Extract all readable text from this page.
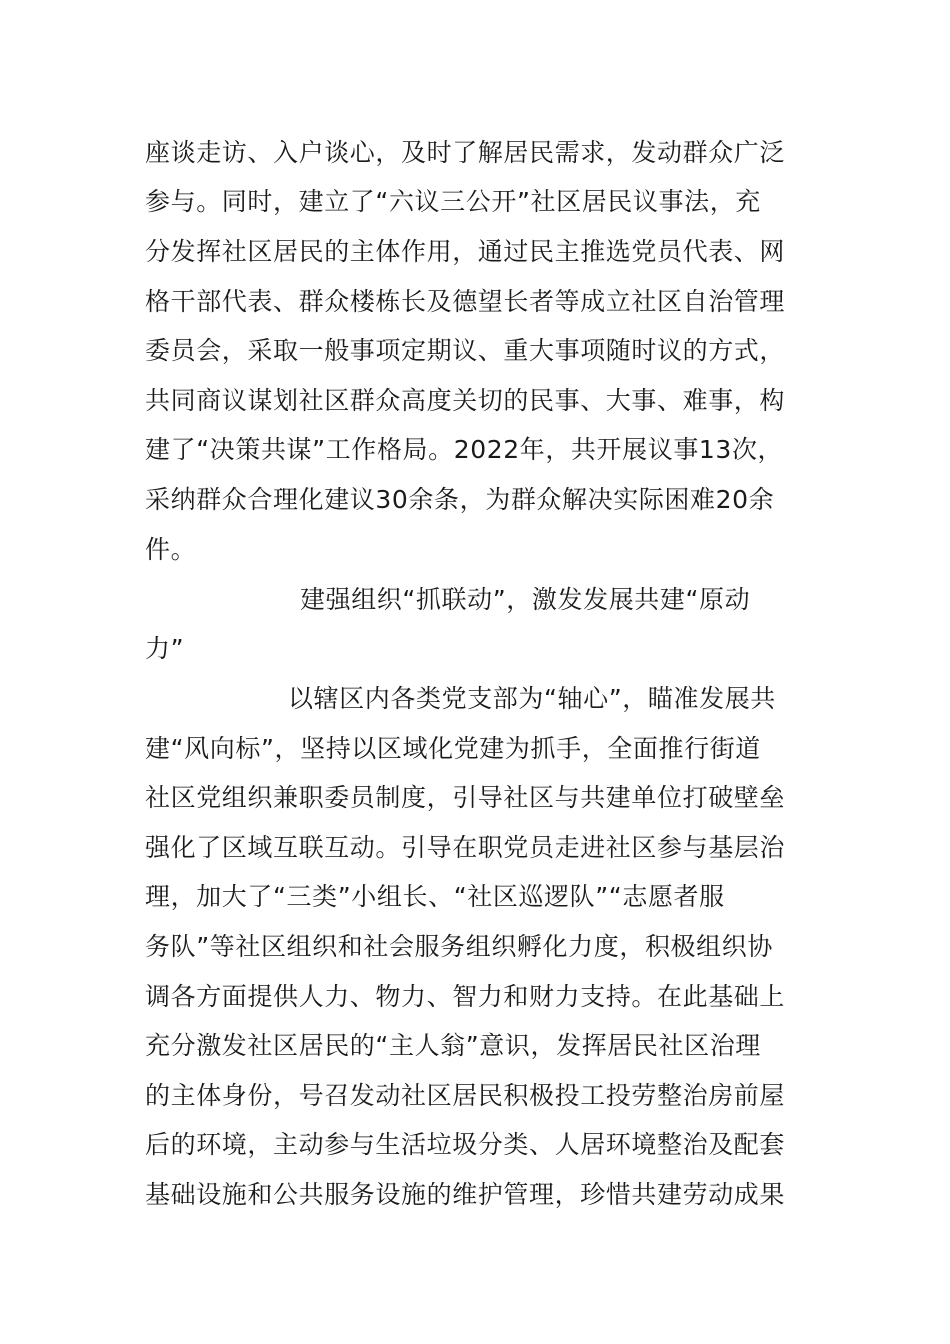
座谈走访、入户谈心，及时了解居民需求，发动群众广泛
参与。同时，建立了“六议三公开”社区居民议事法，充
分发挥社区居民的主体作用，通过民主推选党员代表、网
格干部代表、群众楼栋长及德望长者等成立社区自治管理
委员会，采取一般事项定期议、重大事项随时议的方式，
共同商议谋划社区群众高度关切的民事、大事、难事，构
建了“决策共谋”工作格局。2022年，共开展议事13次，
采纳群众合理化建议30余条，为群众解决实际困难20余
件。
建强组织“抓联动”，激发发展共建“原动
力”
以辖区内各类党支部为“轴心”，瞄准发展共
建“风向标”，坚持以区域化党建为抓手，全面推行街道
社区党组织兼职委员制度，引导社区与共建单位打破壁垒
强化了区域互联互动。引导在职党员走进社区参与基层治
理，加大了“三类”小组长、“社区巡逻队”“志愿者服
务队”等社区组织和社会服务组织孵化力度，积极组织协
调各方面提供人力、物力、智力和财力支持。在此基础上
充分激发社区居民的“主人翁”意识，发挥居民社区治理
的主体身份，号召发动社区居民积极投工投劳整治房前屋
后的环境，主动参与生活垃圾分类、人居环境整治及配套
基础设施和公共服务设施的维护管理，珍惜共建劳动成果
